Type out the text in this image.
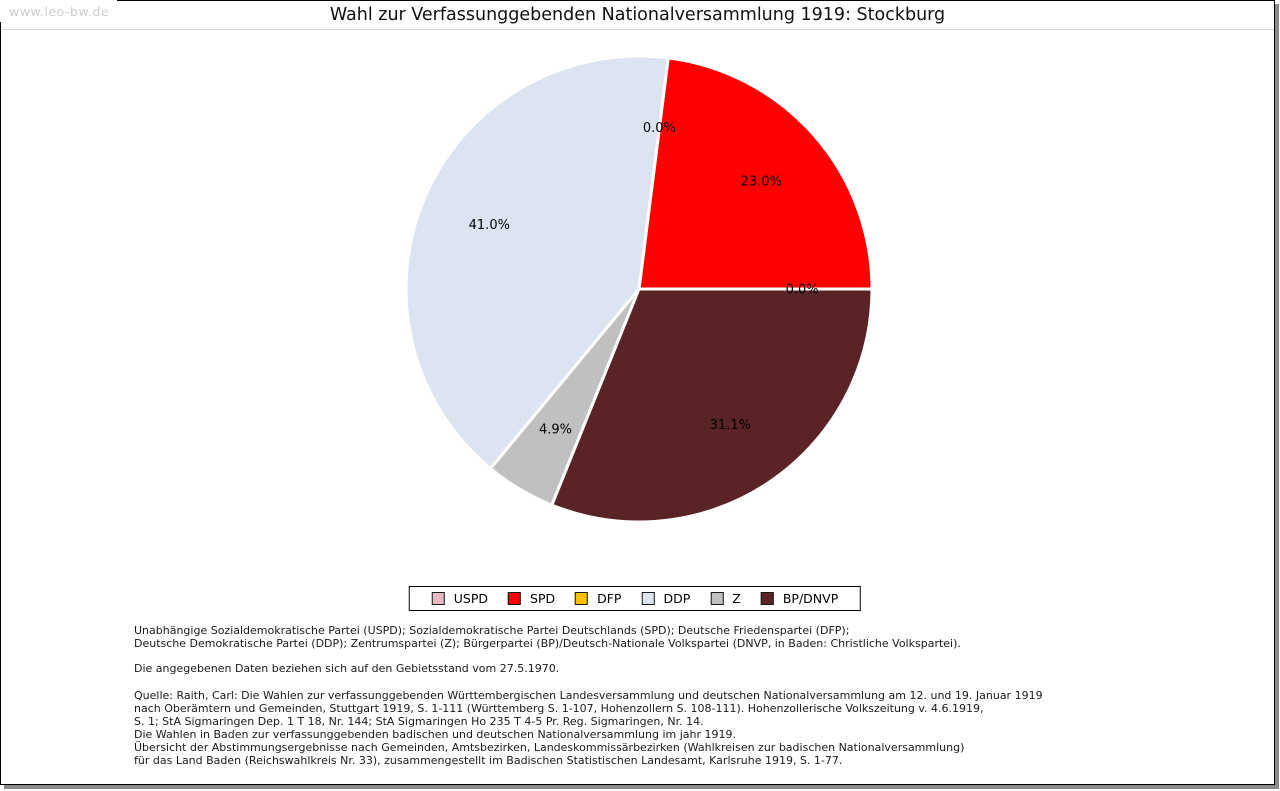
Wahl zur Verfassunggebenden Nationalversammlung 1919: Stockburg
0.0%
23.0%
0.0%
41.0%
4.9%	31.1%
USPD	SPD	DFP	DDP	Z	BP/DNVP
Unabhängige Sozialdemokratische Partei (USPD); Sozialdemokratische Partei Deutschlands (SPD); Deutsche Friedenspartei (DFP);
Deutsche Demokratische Partei (DDP); Zentrumspartei (Z); Bürgerpartei (BP)/Deutsch-Nationale Volkspartei (DNVP, in Baden: Christliche Volkspartei).
Die angegebenen Daten beziehen sich auf den Gebietsstand vom 27.5.1970.
Quelle: Raith, Carl: Die Wahlen zur verfassunggebenden Württembergischen Landesversammlung und deutschen Nationalversammlung am 12. und 19. Januar 1919
nach Oberämtern und Gemeinden, Stuttgart 1919, S. 1-111 (Württemberg S. 1-107, Hohenzollern S. 108-111). Hohenzollerische Volkszeitung v. 4.6.1919,
S. 1; StA Sigmaringen Dep. 1 T 18, Nr. 144; StA Sigmaringen Ho 235 T 4-5 Pr. Reg. Sigmaringen, Nr. 14.
Die Wahlen in Baden zur verfassunggebenden badischen und deutschen Nationalversammlung im jahr 1919.
Übersicht der Abstimmungsergebnisse nach Gemeinden, Amtsbezirken, Landeskommissärbezirken (Wahlkreisen zur badischen Nationalversammlung)
für das Land Baden (Reichswahlkreis Nr. 33), zusammengestellt im Badischen Statistischen Landesamt, Karlsruhe 1919, S. 1-77.
www.leo-bw.de
